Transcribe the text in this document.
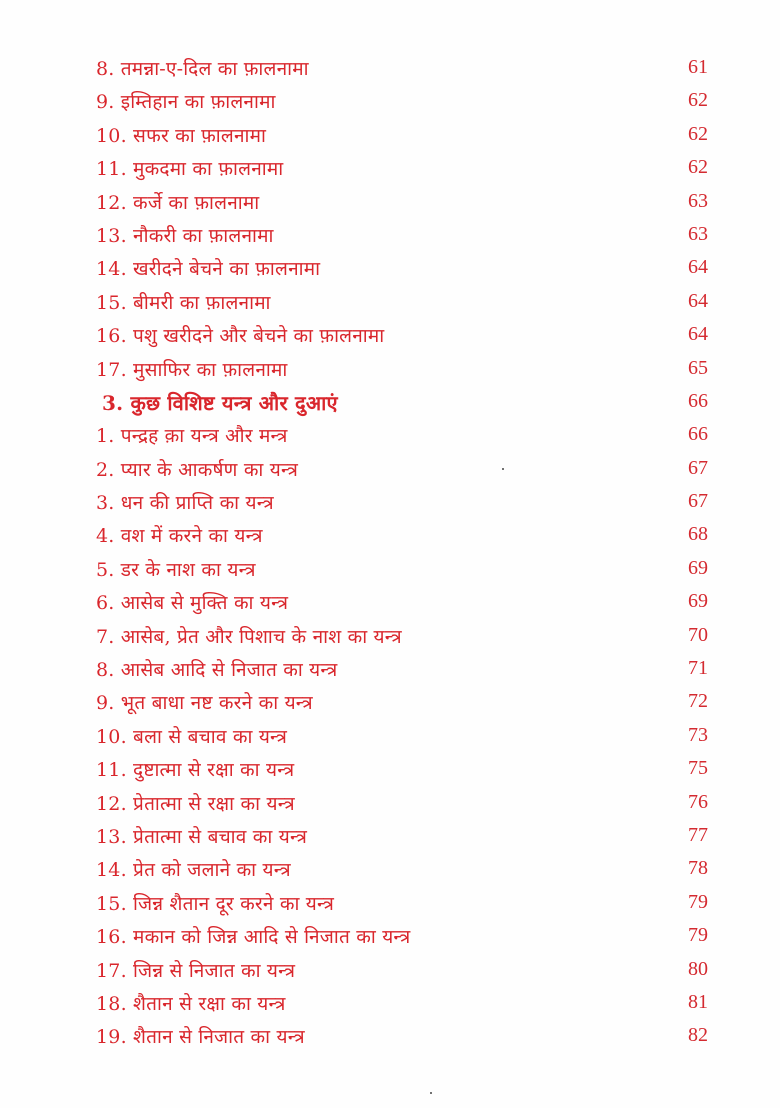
8. तमन्ना-ए-दिल का फ़ालनामा	61
9. इम्तिहान का फ़ालनामा	62
10. सफर का फ़ालनामा	62
11. मुकदमा का फ़ालनामा	62
12. कर्जे का फ़ालनामा	63
13. नौकरी का फ़ालनामा	63
14. खरीदने बेचने का फ़ालनामा	64
15. बीमरी का फ़ालनामा	64
16. पशु खरीदने और बेचने का फ़ालनामा	64
17. मुसाफिर का फ़ालनामा	65
3. कुछ विशिष्ट यन्त्र और दुआएं	66
1. पन्द्रह क़ा यन्त्र और मन्त्र	66
2. प्यार के आकर्षण का यन्त्र	67
3. धन की प्राप्ति का यन्त्र	67
4. वश में करने का यन्त्र	68
5. डर के नाश का यन्त्र	69
6. आसेब से मुक्ति का यन्त्र	69
7. आसेब, प्रेत और पिशाच के नाश का यन्त्र	70
8. आसेब आदि से निजात का यन्त्र	71
9. भूत बाधा नष्ट करने का यन्त्र	72
10. बला से बचाव का यन्त्र	73
11. दुष्टात्मा से रक्षा का यन्त्र	75
12. प्रेतात्मा से रक्षा का यन्त्र	76
13. प्रेतात्मा से बचाव का यन्त्र	77
14. प्रेत को जलाने का यन्त्र	78
15. जिन्न शैतान दूर करने का यन्त्र	79
16. मकान को जिन्न आदि से निजात का यन्त्र	79
17. जिन्न से निजात का यन्त्र	80
18. शैतान से रक्षा का यन्त्र	81
19. शैतान से निजात का यन्त्र	82
